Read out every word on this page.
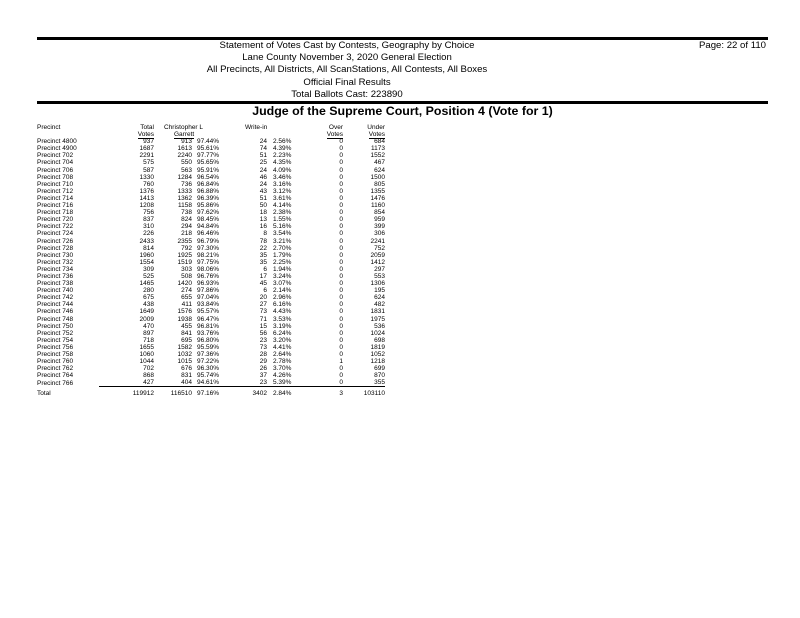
Statement of Votes Cast by Contests, Geography by Choice
Lane County November 3, 2020 General Election
All Precincts, All Districts, All ScanStations, All Contests, All Boxes
Official Final Results
Total Ballots Cast: 223890
Page: 22 of 110
Judge of the Supreme Court, Position 4 (Vote for 1)
Precinct	Total	Christopher L		Write-in		Over	Under
	Votes	Garrett				Votes	Votes
Precinct 4800	937	913	97.44%	24	2.56%	0	684
Precinct 4900	1687	1613	95.61%	74	4.39%	0	1173
Precinct 702	2291	2240	97.77%	51	2.23%	0	1552
Precinct 704	575	550	95.65%	25	4.35%	0	467
Precinct 706	587	563	95.91%	24	4.09%	0	624
Precinct 708	1330	1284	96.54%	46	3.46%	0	1500
Precinct 710	760	736	96.84%	24	3.16%	0	805
Precinct 712	1376	1333	96.88%	43	3.12%	0	1355
Precinct 714	1413	1362	96.39%	51	3.61%	0	1476
Precinct 716	1208	1158	95.86%	50	4.14%	0	1160
Precinct 718	756	738	97.62%	18	2.38%	0	854
Precinct 720	837	824	98.45%	13	1.55%	0	959
Precinct 722	310	294	94.84%	16	5.16%	0	399
Precinct 724	226	218	96.46%	8	3.54%	0	306
Precinct 726	2433	2355	96.79%	78	3.21%	0	2241
Precinct 728	814	792	97.30%	22	2.70%	0	752
Precinct 730	1960	1925	98.21%	35	1.79%	0	2059
Precinct 732	1554	1519	97.75%	35	2.25%	0	1412
Precinct 734	309	303	98.06%	6	1.94%	0	297
Precinct 736	525	508	96.76%	17	3.24%	0	553
Precinct 738	1465	1420	96.93%	45	3.07%	0	1306
Precinct 740	280	274	97.86%	6	2.14%	0	195
Precinct 742	675	655	97.04%	20	2.96%	0	624
Precinct 744	438	411	93.84%	27	6.16%	0	482
Precinct 746	1649	1576	95.57%	73	4.43%	0	1831
Precinct 748	2009	1938	96.47%	71	3.53%	0	1975
Precinct 750	470	455	96.81%	15	3.19%	0	536
Precinct 752	897	841	93.76%	56	6.24%	0	1024
Precinct 754	718	695	96.80%	23	3.20%	0	698
Precinct 756	1655	1582	95.59%	73	4.41%	0	1819
Precinct 758	1060	1032	97.36%	28	2.64%	0	1052
Precinct 760	1044	1015	97.22%	29	2.78%	1	1218
Precinct 762	702	676	96.30%	26	3.70%	0	699
Precinct 764	868	831	95.74%	37	4.26%	0	870
Precinct 766	427	404	94.61%	23	5.39%	0	355
Total	119912	116510	97.16%	3402	2.84%	3	103110
